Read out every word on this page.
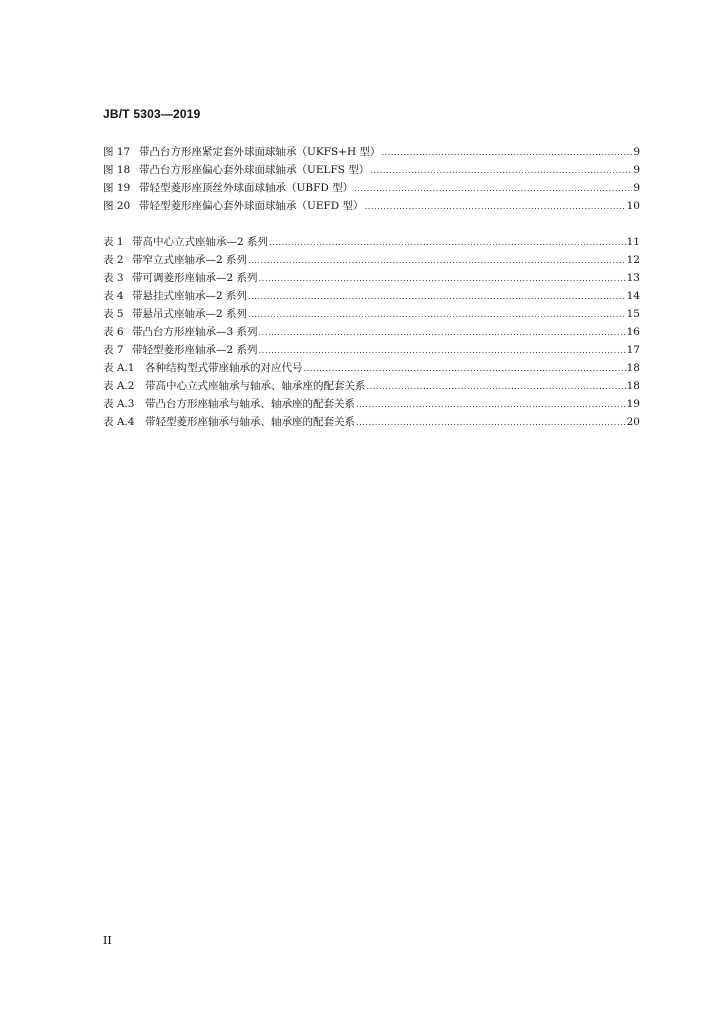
JB/T 5303—2019
图 17 带凸台方形座紧定套外球面球轴承（UKFS+H 型） .....	9
图 18 带凸台方形座偏心套外球面球轴承（UELFS 型） .....	9
图 19 带轻型菱形座顶丝外球面球轴承（UBFD 型） .....	9
图 20 带轻型菱形座偏心套外球面球轴承（UEFD 型） .....	10
表 1 带高中心立式座轴承—2 系列 .....	11
表 2 带窄立式座轴承—2 系列 .....	12
表 3 带可调菱形座轴承—2 系列 .....	13
表 4 带悬挂式座轴承—2 系列 .....	14
表 5 带悬吊式座轴承—2 系列 .....	15
表 6 带凸台方形座轴承—3 系列 .....	16
表 7 带轻型菱形座轴承—2 系列 .....	17
表 A.1	各种结构型式带座轴承的对应代号 .....	18
表 A.2	带高中心立式座轴承与轴承、轴承座的配套关系 .....	18
表 A.3	带凸台方形座轴承与轴承、轴承座的配套关系 .....	19
表 A.4	带轻型菱形座轴承与轴承、轴承座的配套关系 .....	20
II
